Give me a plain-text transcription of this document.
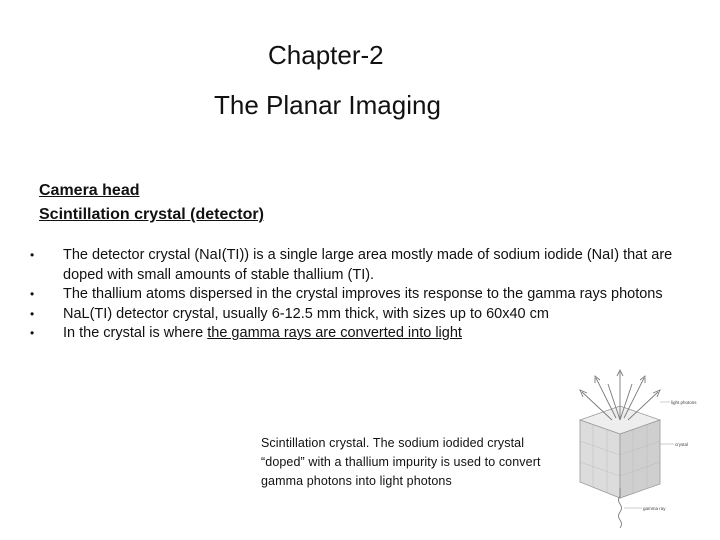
Chapter-2
The Planar Imaging
Camera head
Scintillation crystal (detector)
• The detector crystal (NaI(TI)) is a single large area mostly made of sodium iodide (NaI) that are doped with small amounts of stable thallium (TI).
• The thallium atoms dispersed in the crystal improves its response to the gamma rays photons
• NaL(TI) detector crystal, usually 6-12.5 mm thick, with sizes up to 60x40 cm
• In the crystal is where the gamma rays are converted into light
Scintillation crystal. The sodium iodided crystal “doped” with a thallium impurity is used to convert gamma photons into light photons
light photons
crystal
gamma ray
